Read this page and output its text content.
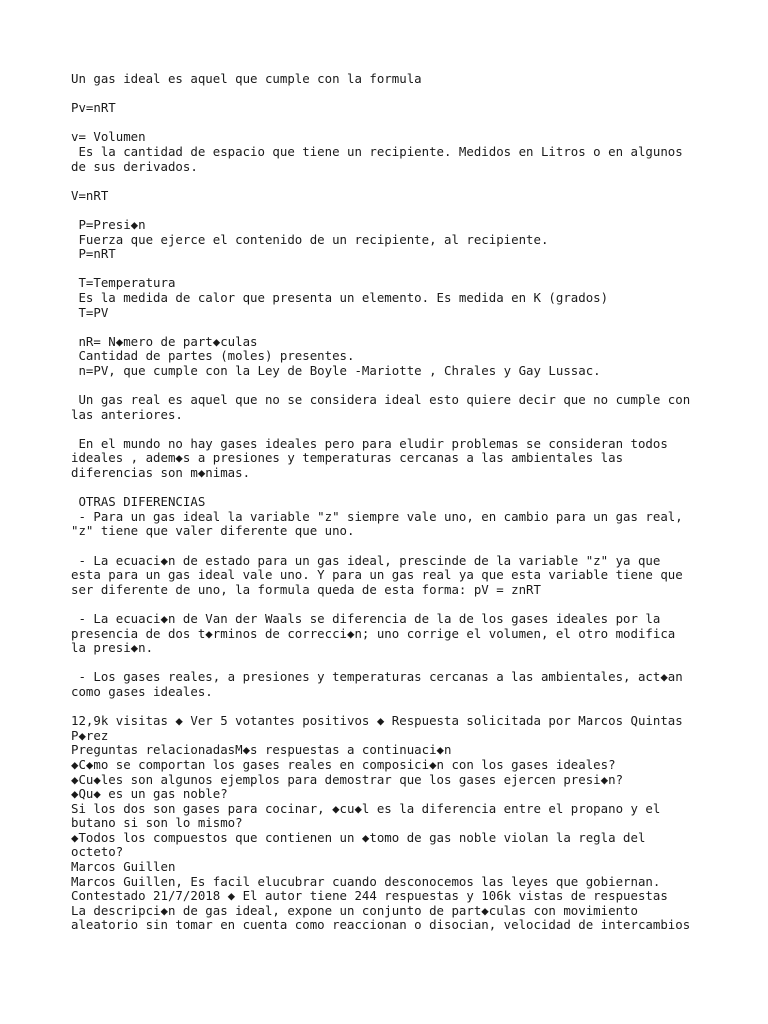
Un gas ideal es aquel que cumple con la formula
Pv=nRT
v= Volumen
Es la cantidad de espacio que tiene un recipiente. Medidos en Litros o en algunos
de sus derivados.
V=nRT
P=Presi◆n
Fuerza que ejerce el contenido de un recipiente, al recipiente.
P=nRT
T=Temperatura
Es la medida de calor que presenta un elemento. Es medida en K (grados)
T=PV
nR= N◆mero de part◆culas
Cantidad de partes (moles) presentes.
n=PV, que cumple con la Ley de Boyle -Mariotte , Chrales y Gay Lussac.
Un gas real es aquel que no se considera ideal esto quiere decir que no cumple con
las anteriores.
En el mundo no hay gases ideales pero para eludir problemas se consideran todos
ideales , adem◆s a presiones y temperaturas cercanas a las ambientales las
diferencias son m◆nimas.
OTRAS DIFERENCIAS
- Para un gas ideal la variable "z" siempre vale uno, en cambio para un gas real,
"z" tiene que valer diferente que uno.
- La ecuaci◆n de estado para un gas ideal, prescinde de la variable "z" ya que
esta para un gas ideal vale uno. Y para un gas real ya que esta variable tiene que
ser diferente de uno, la formula queda de esta forma: pV = znRT
- La ecuaci◆n de Van der Waals se diferencia de la de los gases ideales por la
presencia de dos t◆rminos de correcci◆n; uno corrige el volumen, el otro modifica
la presi◆n.
- Los gases reales, a presiones y temperaturas cercanas a las ambientales, act◆an
como gases ideales.
12,9k visitas ◆ Ver 5 votantes positivos ◆ Respuesta solicitada por Marcos Quintas
P◆rez
Preguntas relacionadasM◆s respuestas a continuaci◆n
◆C◆mo se comportan los gases reales en composici◆n con los gases ideales?
◆Cu◆les son algunos ejemplos para demostrar que los gases ejercen presi◆n?
◆Qu◆ es un gas noble?
Si los dos son gases para cocinar, ◆cu◆l es la diferencia entre el propano y el
butano si son lo mismo?
◆Todos los compuestos que contienen un ◆tomo de gas noble violan la regla del
octeto?
Marcos Guillen
Marcos Guillen, Es facil elucubrar cuando desconocemos las leyes que gobiernan.
Contestado 21/7/2018 ◆ El autor tiene 244 respuestas y 106k vistas de respuestas
La descripci◆n de gas ideal, expone un conjunto de part◆culas con movimiento
aleatorio sin tomar en cuenta como reaccionan o disocian, velocidad de intercambios
